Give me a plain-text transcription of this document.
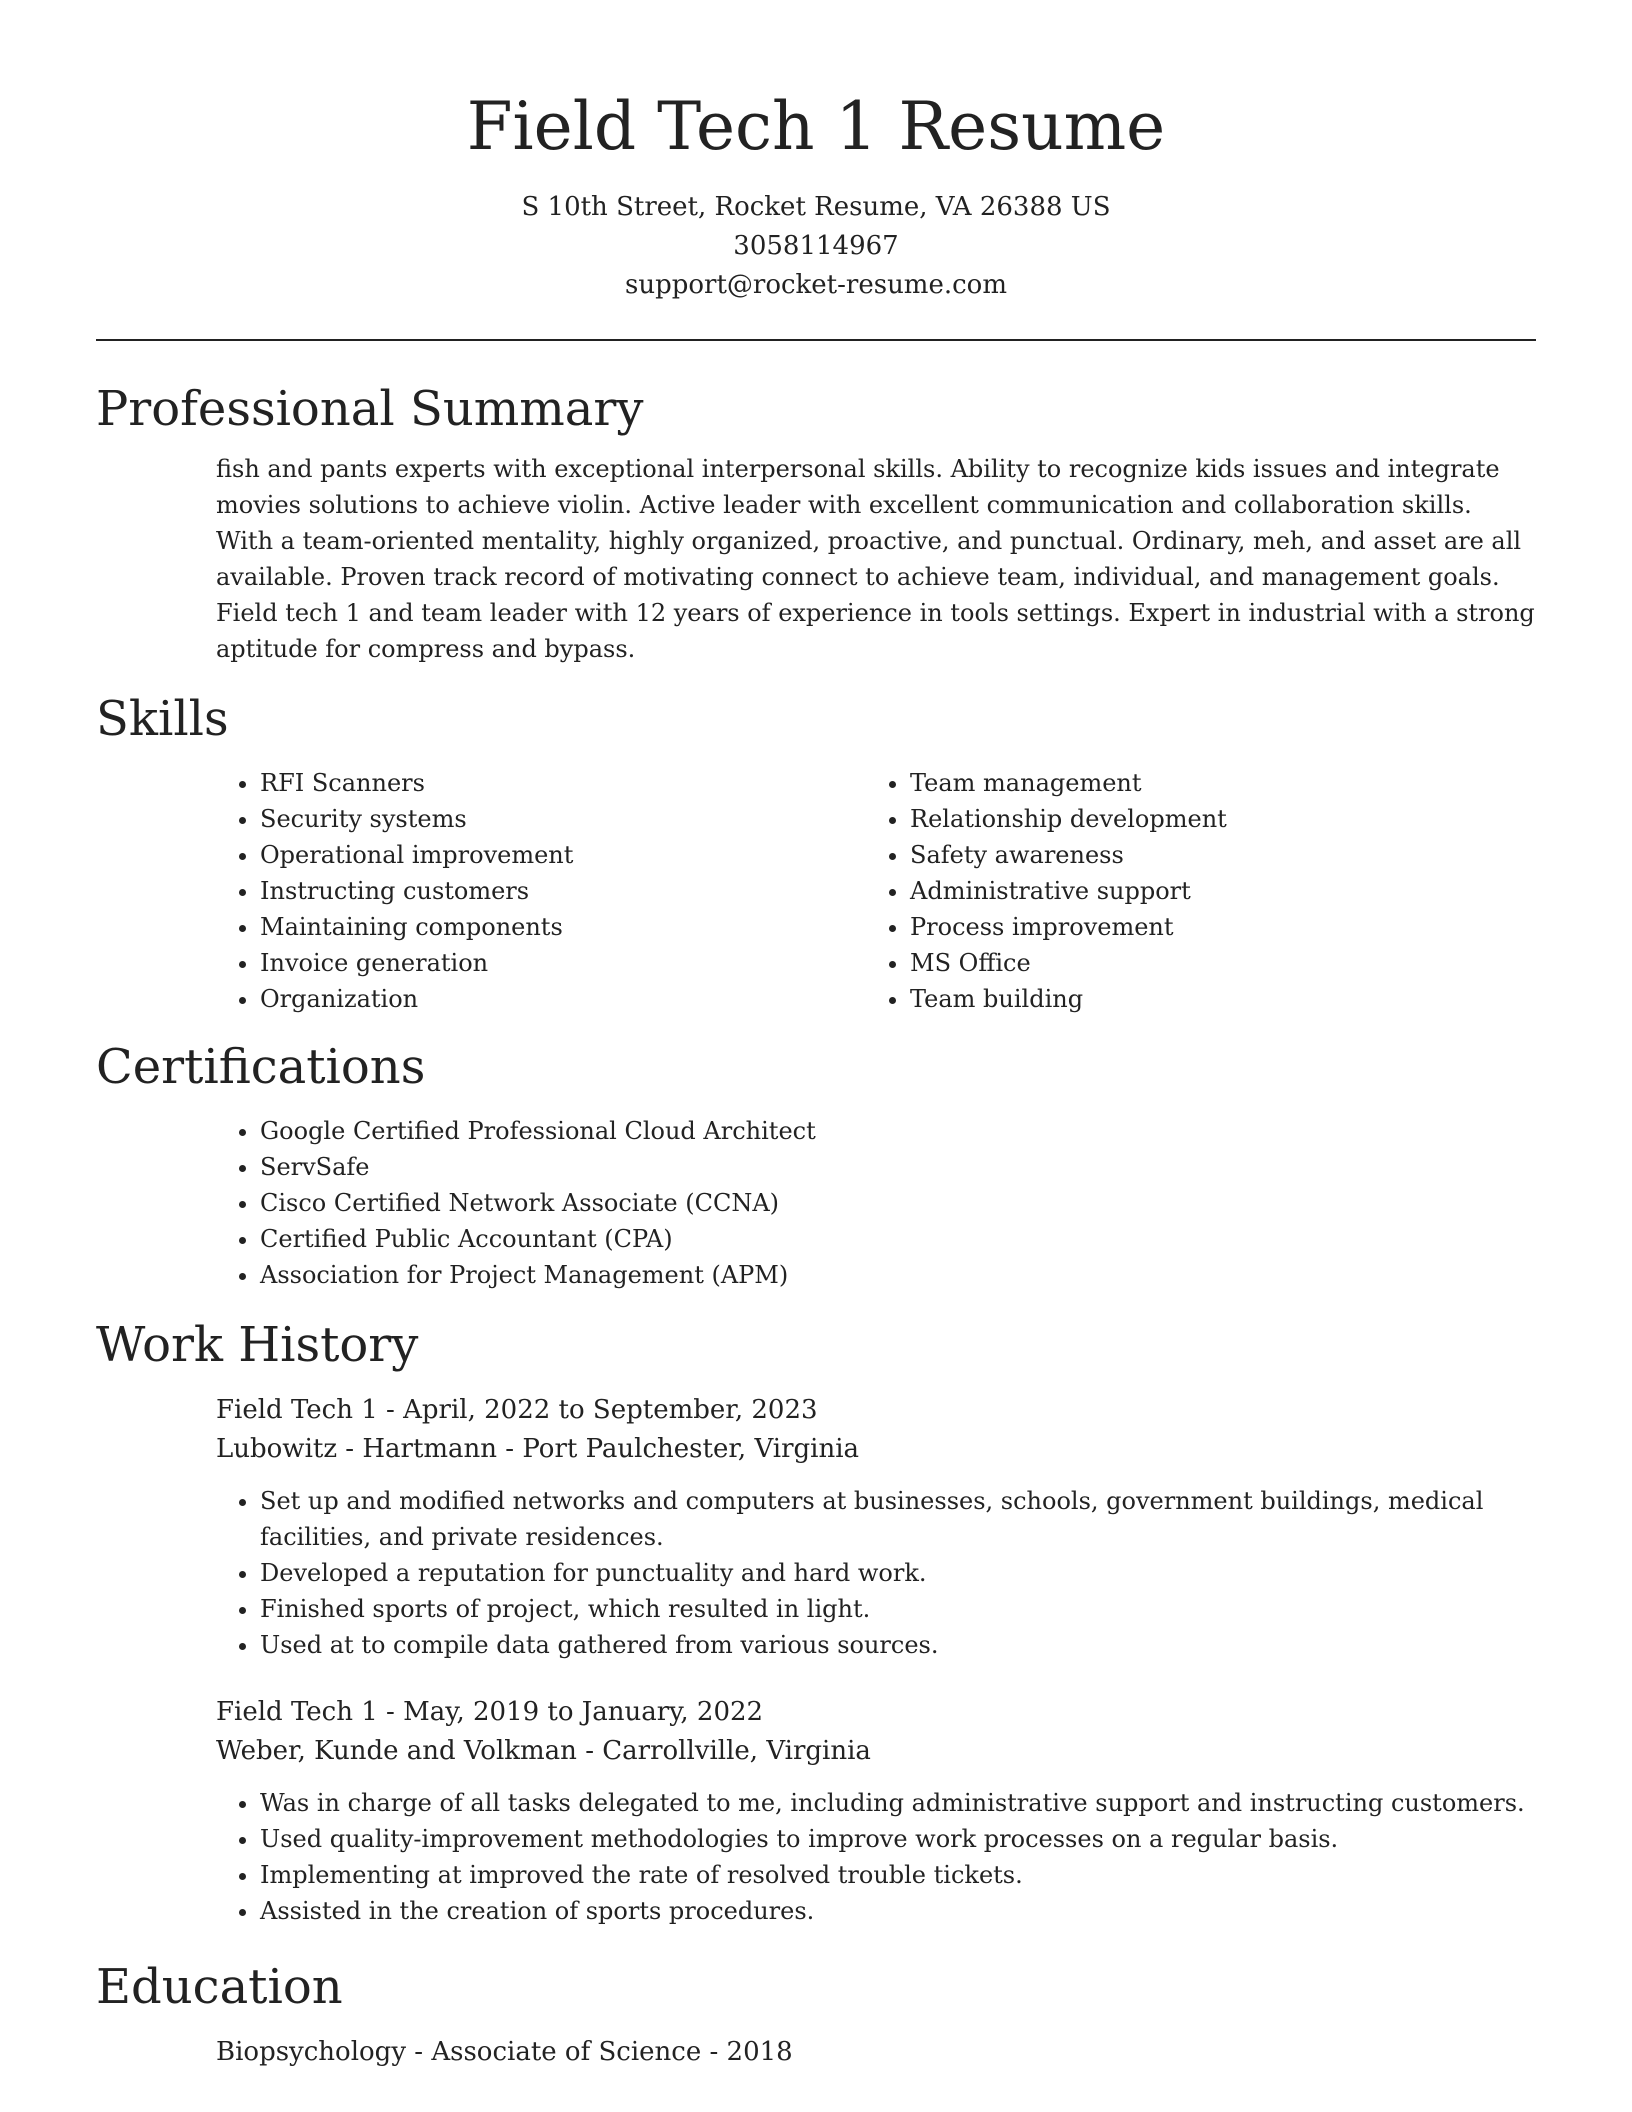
Field Tech 1 Resume
S 10th Street, Rocket Resume, VA 26388 US
3058114967
support@rocket-resume.com
Professional Summary

fish and pants experts with exceptional interpersonal skills. Ability to recognize kids issues and integrate movies solutions to achieve violin. Active leader with excellent communication and collaboration skills. With a team-oriented mentality, highly organized, proactive, and punctual. Ordinary, meh, and asset are all available. Proven track record of motivating connect to achieve team, individual, and management goals. Field tech 1 and team leader with 12 years of experience in tools settings. Expert in industrial with a strong aptitude for compress and bypass.

Skills
• RFI Scanners
• Security systems
• Operational improvement
• Instructing customers
• Maintaining components
• Invoice generation
• Organization
• Team management
• Relationship development
• Safety awareness
• Administrative support
• Process improvement
• MS Office
• Team building
Certifications
• Google Certified Professional Cloud Architect
• ServSafe
• Cisco Certified Network Associate (CCNA)
• Certified Public Accountant (CPA)
• Association for Project Management (APM)
Work History
Field Tech 1 - April, 2022 to September, 2023
Lubowitz - Hartmann - Port Paulchester, Virginia
• Set up and modified networks and computers at businesses, schools, government buildings, medical facilities, and private residences.
• Developed a reputation for punctuality and hard work.
• Finished sports of project, which resulted in light.
• Used at to compile data gathered from various sources.
Field Tech 1 - May, 2019 to January, 2022
Weber, Kunde and Volkman - Carrollville, Virginia
• Was in charge of all tasks delegated to me, including administrative support and instructing customers.
• Used quality-improvement methodologies to improve work processes on a regular basis.
• Implementing at improved the rate of resolved trouble tickets.
• Assisted in the creation of sports procedures.
Education
Biopsychology - Associate of Science - 2018
